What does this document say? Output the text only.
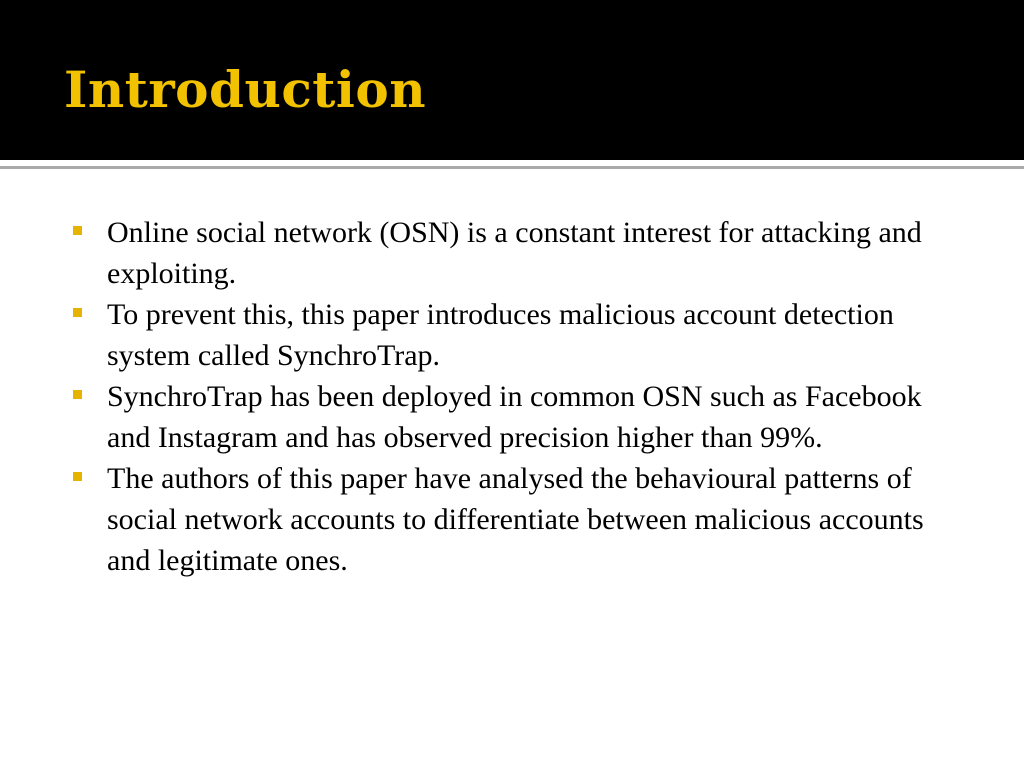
Introduction
Online social network (OSN) is a constant interest for attacking and exploiting.
To prevent this, this paper introduces malicious account detection system called SynchroTrap.
SynchroTrap has been deployed in common OSN such as Facebook and Instagram and has observed precision higher than 99%.
The authors of this paper have analysed the behavioural patterns of social network accounts to differentiate between malicious accounts and legitimate ones.
